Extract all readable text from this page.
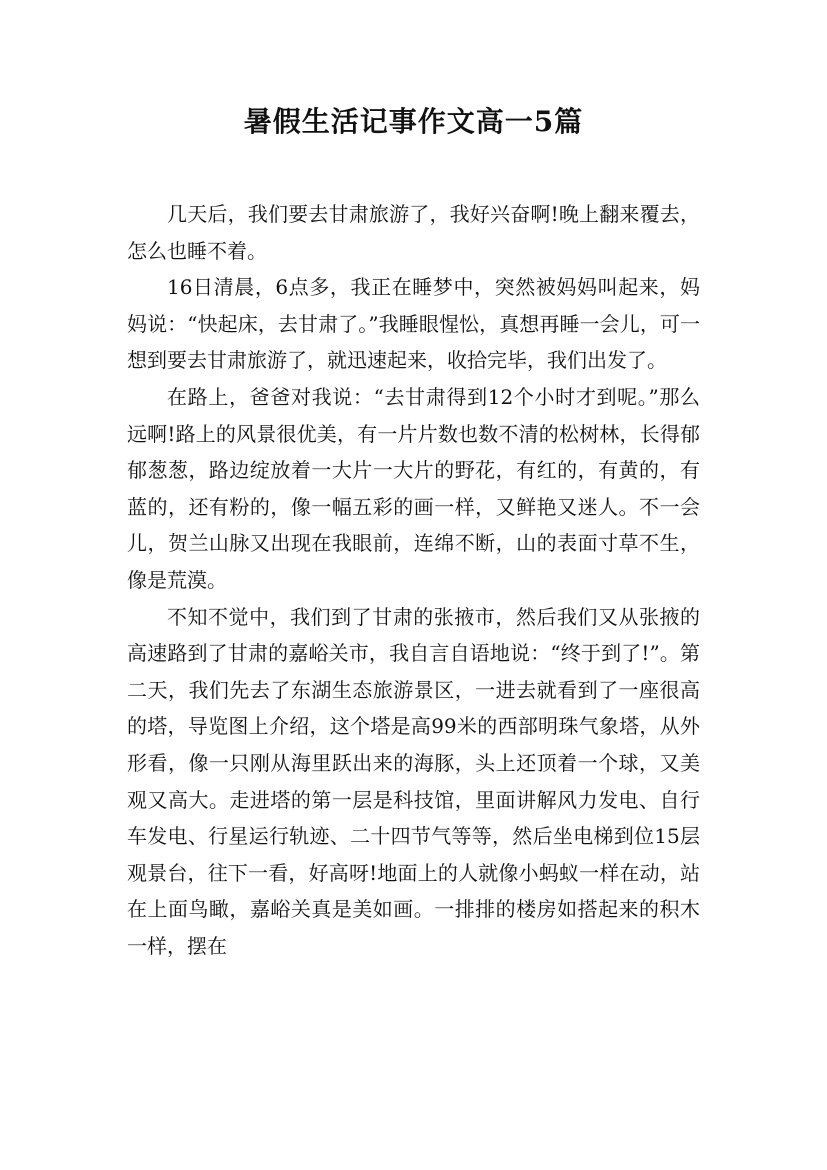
暑假生活记事作文高一5篇

几天后，我们要去甘肃旅游了，我好兴奋啊!晚上翻来覆去，怎么也睡不着。

16日清晨，6点多，我正在睡梦中，突然被妈妈叫起来，妈妈说：“快起床，去甘肃了。”我睡眼惺忪，真想再睡一会儿，可一想到要去甘肃旅游了，就迅速起来，收拾完毕，我们出发了。

在路上，爸爸对我说：“去甘肃得到12个小时才到呢。”那么远啊!路上的风景很优美，有一片片数也数不清的松树林，长得郁郁葱葱，路边绽放着一大片一大片的野花，有红的，有黄的，有蓝的，还有粉的，像一幅五彩的画一样，又鲜艳又迷人。不一会儿，贺兰山脉又出现在我眼前，连绵不断，山的表面寸草不生，像是荒漠。

不知不觉中，我们到了甘肃的张掖市，然后我们又从张掖的高速路到了甘肃的嘉峪关市，我自言自语地说：“终于到了!”。第二天，我们先去了东湖生态旅游景区，一进去就看到了一座很高的塔，导览图上介绍，这个塔是高99米的西部明珠气象塔，从外形看，像一只刚从海里跃出来的海豚，头上还顶着一个球，又美观又高大。走进塔的第一层是科技馆，里面讲解风力发电、自行车发电、行星运行轨迹、二十四节气等等，然后坐电梯到位15层观景台，往下一看，好高呀!地面上的人就像小蚂蚁一样在动，站在上面鸟瞰，嘉峪关真是美如画。一排排的楼房如搭起来的积木一样，摆在
